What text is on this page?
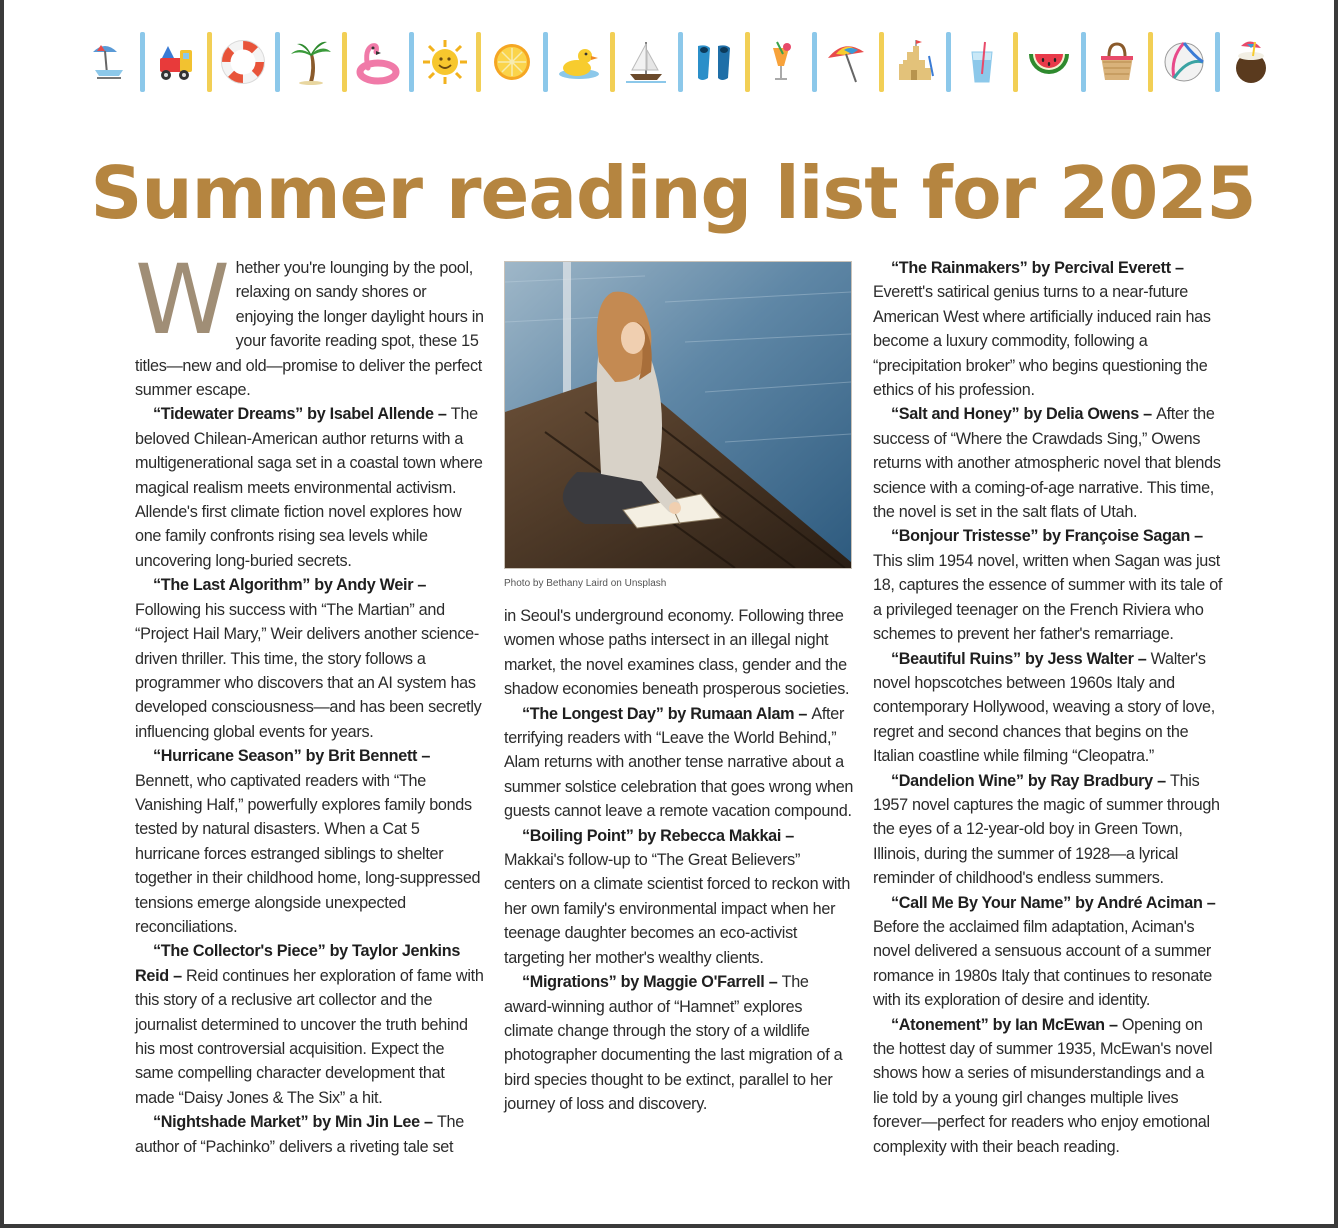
Summer reading list for 2025

Whether you're lounging by the pool, relaxing on sandy shores or enjoying the longer daylight hours in your favorite reading spot, these 15 titles—new and old—promise to deliver the perfect summer escape.

“Tidewater Dreams” by Isabel Allende – The beloved Chilean-American author returns with a multigenerational saga set in a coastal town where magical realism meets environmental activism. Allende's first climate fiction novel explores how one family confronts rising sea levels while uncovering long-buried secrets.

“The Last Algorithm” by Andy Weir – Following his success with “The Martian” and “Project Hail Mary,” Weir delivers another science-driven thriller. This time, the story follows a programmer who discovers that an AI system has developed consciousness—and has been secretly influencing global events for years.

“Hurricane Season” by Brit Bennett – Bennett, who captivated readers with “The Vanishing Half,” powerfully explores family bonds tested by natural disasters. When a Cat 5 hurricane forces estranged siblings to shelter together in their childhood home, long-suppressed tensions emerge alongside unexpected reconciliations.

“The Collector's Piece” by Taylor Jenkins Reid – Reid continues her exploration of fame with this story of a reclusive art collector and the journalist determined to uncover the truth behind his most controversial acquisition. Expect the same compelling character development that made “Daisy Jones & The Six” a hit.

“Nightshade Market” by Min Jin Lee – The author of “Pachinko” delivers a riveting tale set

Photo by Bethany Laird on Unsplash

in Seoul's underground economy. Following three women whose paths intersect in an illegal night market, the novel examines class, gender and the shadow economies beneath prosperous societies.

“The Longest Day” by Rumaan Alam – After terrifying readers with “Leave the World Behind,” Alam returns with another tense narrative about a summer solstice celebration that goes wrong when guests cannot leave a remote vacation compound.

“Boiling Point” by Rebecca Makkai – Makkai's follow-up to “The Great Believers” centers on a climate scientist forced to reckon with her own family's environmental impact when her teenage daughter becomes an eco-activist targeting her mother's wealthy clients.

“Migrations” by Maggie O'Farrell – The award-winning author of “Hamnet” explores climate change through the story of a wildlife photographer documenting the last migration of a bird species thought to be extinct, parallel to her journey of loss and discovery.

“The Rainmakers” by Percival Everett – Everett's satirical genius turns to a near-future American West where artificially induced rain has become a luxury commodity, following a “precipitation broker” who begins questioning the ethics of his profession.

“Salt and Honey” by Delia Owens – After the success of “Where the Crawdads Sing,” Owens returns with another atmospheric novel that blends science with a coming-of-age narrative. This time, the novel is set in the salt flats of Utah.

“Bonjour Tristesse” by Françoise Sagan – This slim 1954 novel, written when Sagan was just 18, captures the essence of summer with its tale of a privileged teenager on the French Riviera who schemes to prevent her father's remarriage.

“Beautiful Ruins” by Jess Walter – Walter's novel hopscotches between 1960s Italy and contemporary Hollywood, weaving a story of love, regret and second chances that begins on the Italian coastline while filming “Cleopatra.”

“Dandelion Wine” by Ray Bradbury – This 1957 novel captures the magic of summer through the eyes of a 12-year-old boy in Green Town, Illinois, during the summer of 1928—a lyrical reminder of childhood's endless summers.

“Call Me By Your Name” by André Aciman – Before the acclaimed film adaptation, Aciman's novel delivered a sensuous account of a summer romance in 1980s Italy that continues to resonate with its exploration of desire and identity.

“Atonement” by Ian McEwan – Opening on the hottest day of summer 1935, McEwan's novel shows how a series of misunderstandings and a lie told by a young girl changes multiple lives forever—perfect for readers who enjoy emotional complexity with their beach reading.
